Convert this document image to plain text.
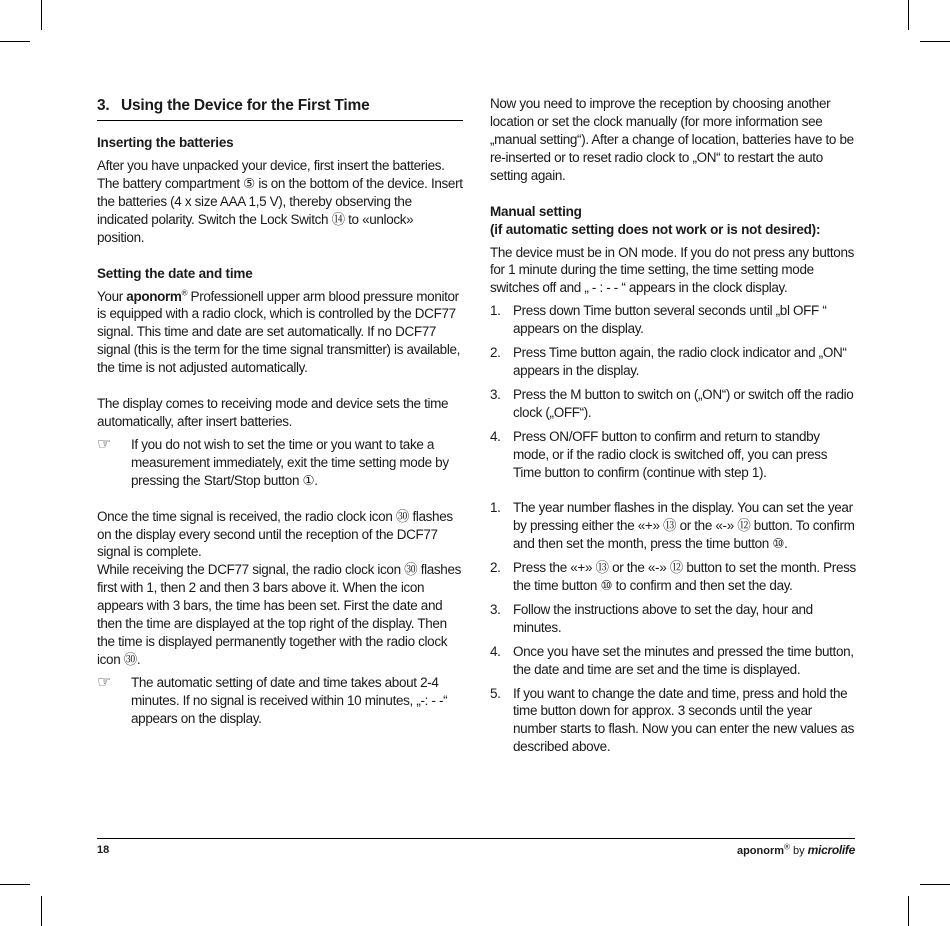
3. Using the Device for the First Time
Inserting the batteries

After you have unpacked your device, first insert the batteries. The battery compartment ⑤ is on the bottom of the device. Insert the batteries (4 x size AAA 1,5 V), thereby observing the indicated polarity. Switch the Lock Switch ⑭ to «unlock» position.

Setting the date and time

Your aponorm® Professionell upper arm blood pressure monitor is equipped with a radio clock, which is controlled by the DCF77 signal. This time and date are set automatically. If no DCF77 signal (this is the term for the time signal transmitter) is available, the time is not adjusted automatically.

The display comes to receiving mode and device sets the time automatically, after insert batteries.

☞ If you do not wish to set the time or you want to take a measurement immediately, exit the time setting mode by pressing the Start/Stop button ①.

Once the time signal is received, the radio clock icon ㉚ flashes on the display every second until the reception of the DCF77 signal is complete.

While receiving the DCF77 signal, the radio clock icon ㉚ flashes first with 1, then 2 and then 3 bars above it. When the icon appears with 3 bars, the time has been set. First the date and then the time are displayed at the top right of the display. Then the time is displayed permanently together with the radio clock icon ㉚.

☞ The automatic setting of date and time takes about 2-4 minutes. If no signal is received within 10 minutes, „-: - -“ appears on the display.

Now you need to improve the reception by choosing another location or set the clock manually (for more information see „manual setting“). After a change of location, batteries have to be re-inserted or to reset radio clock to „ON“ to restart the auto setting again.

Manual setting
(if automatic setting does not work or is not desired):

The device must be in ON mode. If you do not press any buttons for 1 minute during the time setting, the time setting mode switches off and „ - : - - “ appears in the clock display.

1. Press down Time button several seconds until „bl OFF “ appears on the display.
2. Press Time button again, the radio clock indicator and „ON“ appears in the display.
3. Press the M button to switch on („ON“) or switch off the radio clock („OFF“).
4. Press ON/OFF button to confirm and return to standby mode, or if the radio clock is switched off, you can press Time button to confirm (continue with step 1).
1. The year number flashes in the display. You can set the year by pressing either the «+» ⑬ or the «-» ⑫ button. To confirm and then set the month, press the time button ⑩.
2. Press the «+» ⑬ or the «-» ⑫ button to set the month. Press the time button ⑩ to confirm and then set the day.
3. Follow the instructions above to set the day, hour and minutes.
4. Once you have set the minutes and pressed the time button, the date and time are set and the time is displayed.
5. If you want to change the date and time, press and hold the time button down for approx. 3 seconds until the year number starts to flash. Now you can enter the new values as described above.
18	aponorm® by microlife
